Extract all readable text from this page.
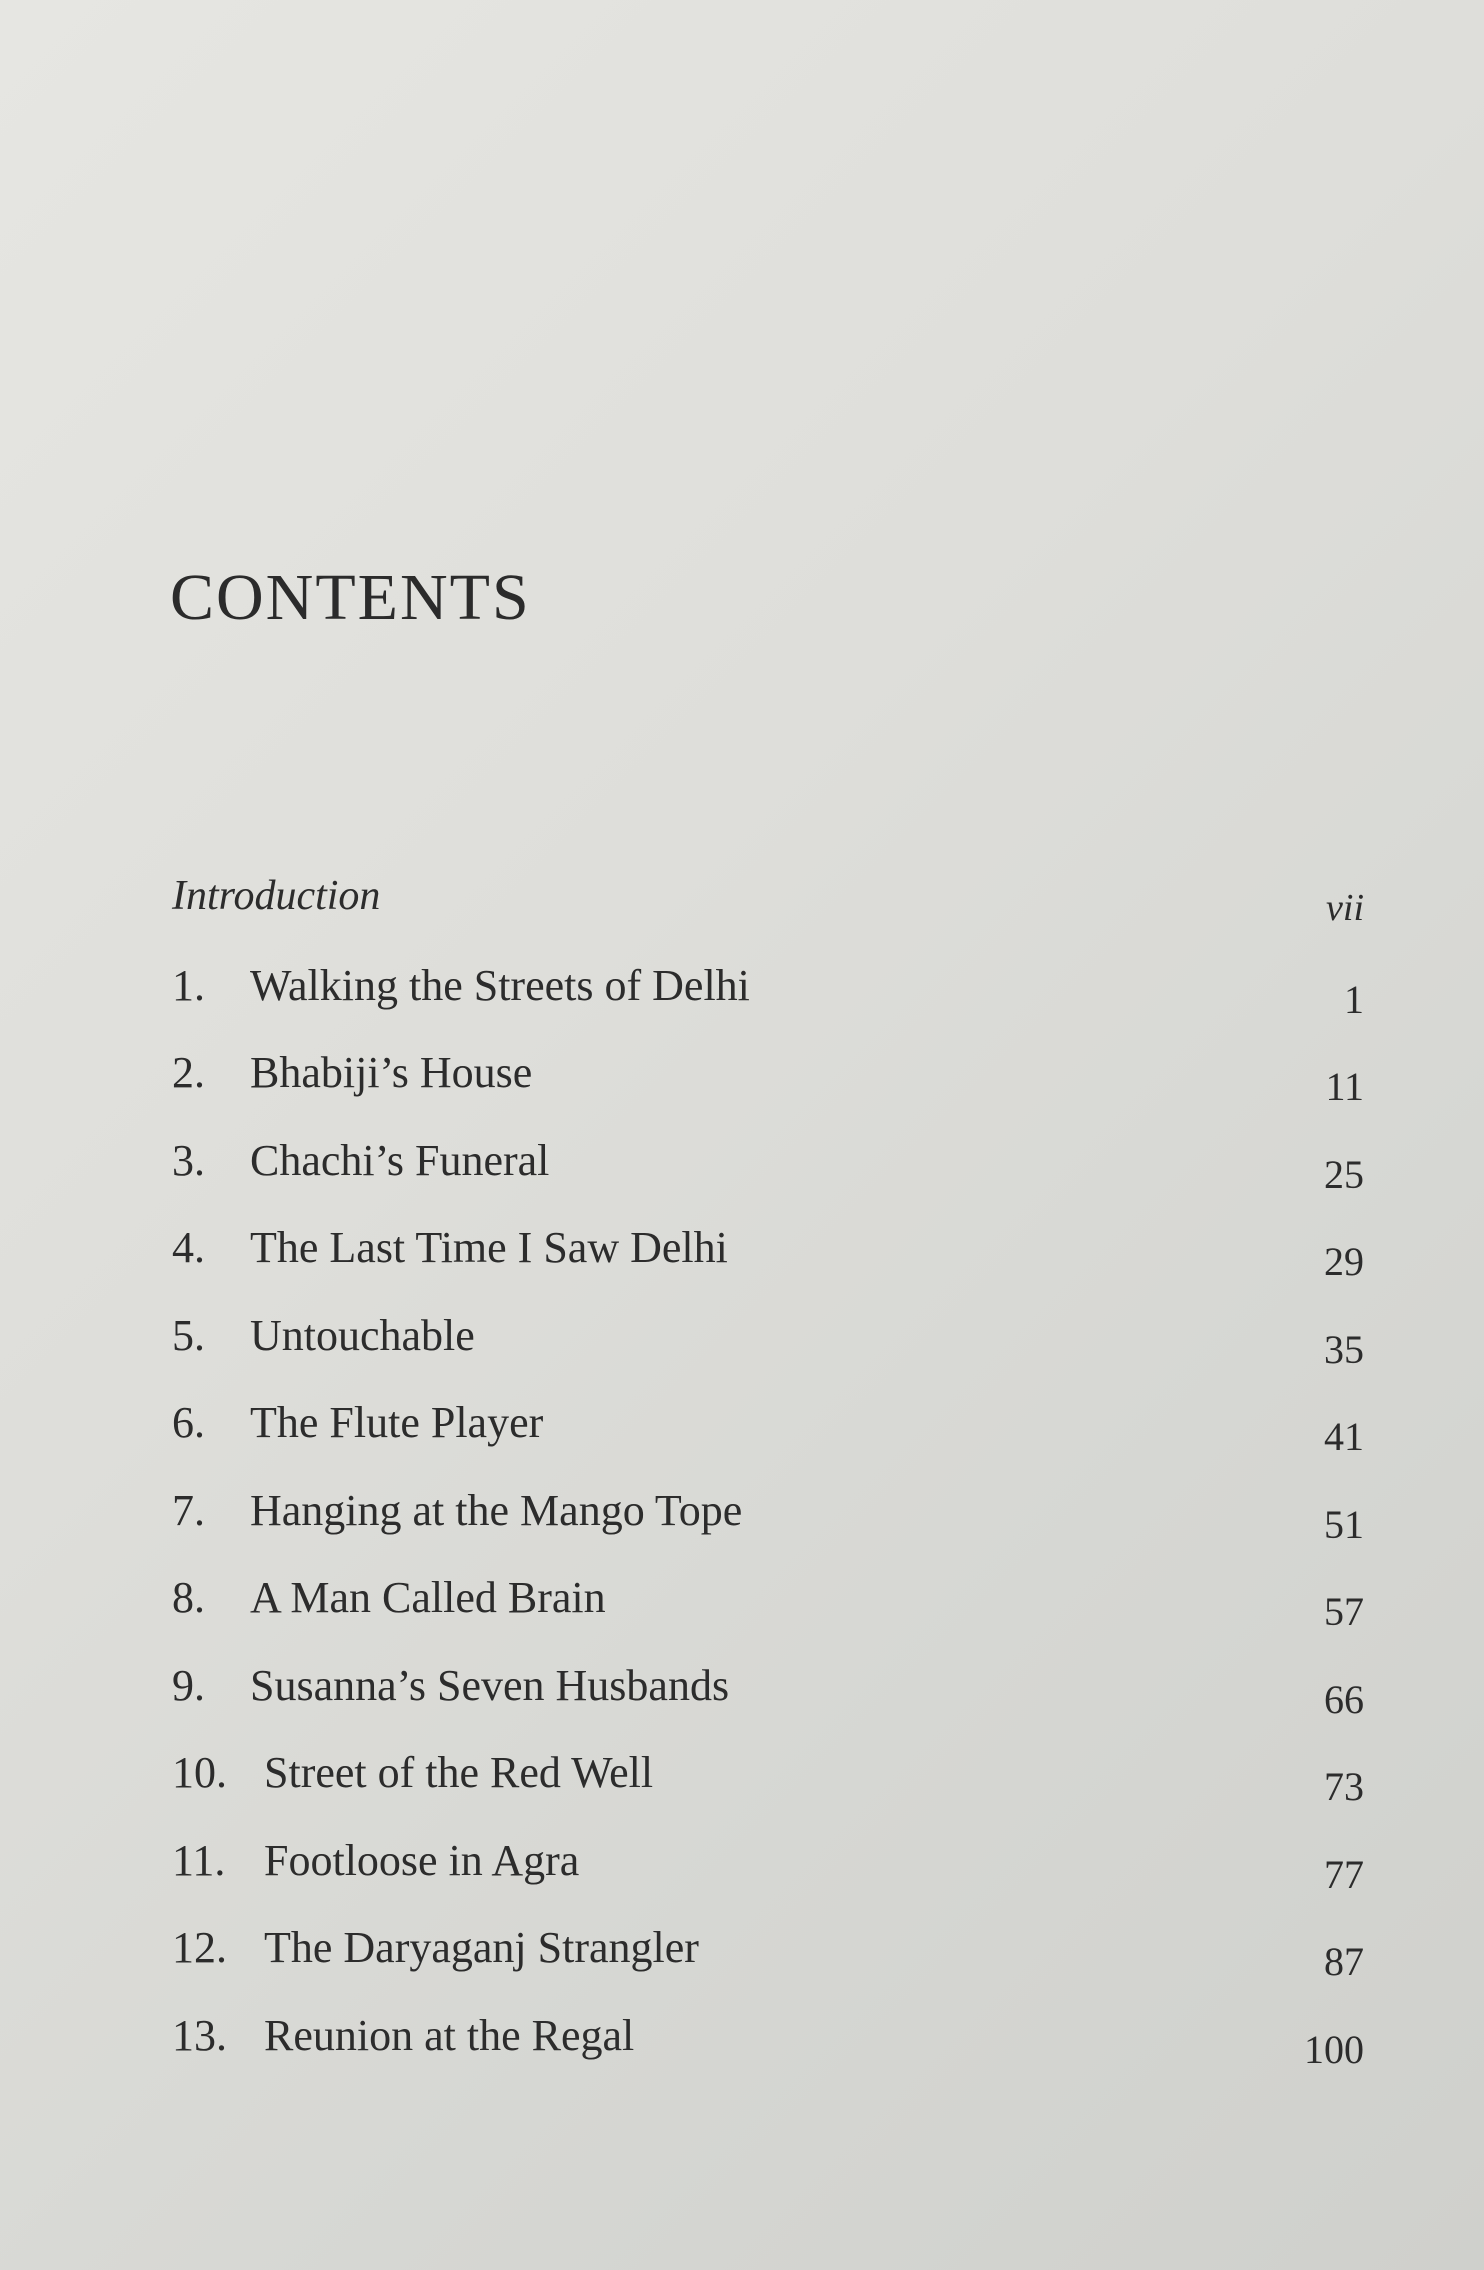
CONTENTS
Introduction	vii
1. Walking the Streets of Delhi	1
2. Bhabiji’s House	11
3. Chachi’s Funeral	25
4. The Last Time I Saw Delhi	29
5. Untouchable	35
6. The Flute Player	41
7. Hanging at the Mango Tope	51
8. A Man Called Brain	57
9. Susanna’s Seven Husbands	66
10. Street of the Red Well	73
11. Footloose in Agra	77
12. The Daryaganj Strangler	87
13. Reunion at the Regal	100
